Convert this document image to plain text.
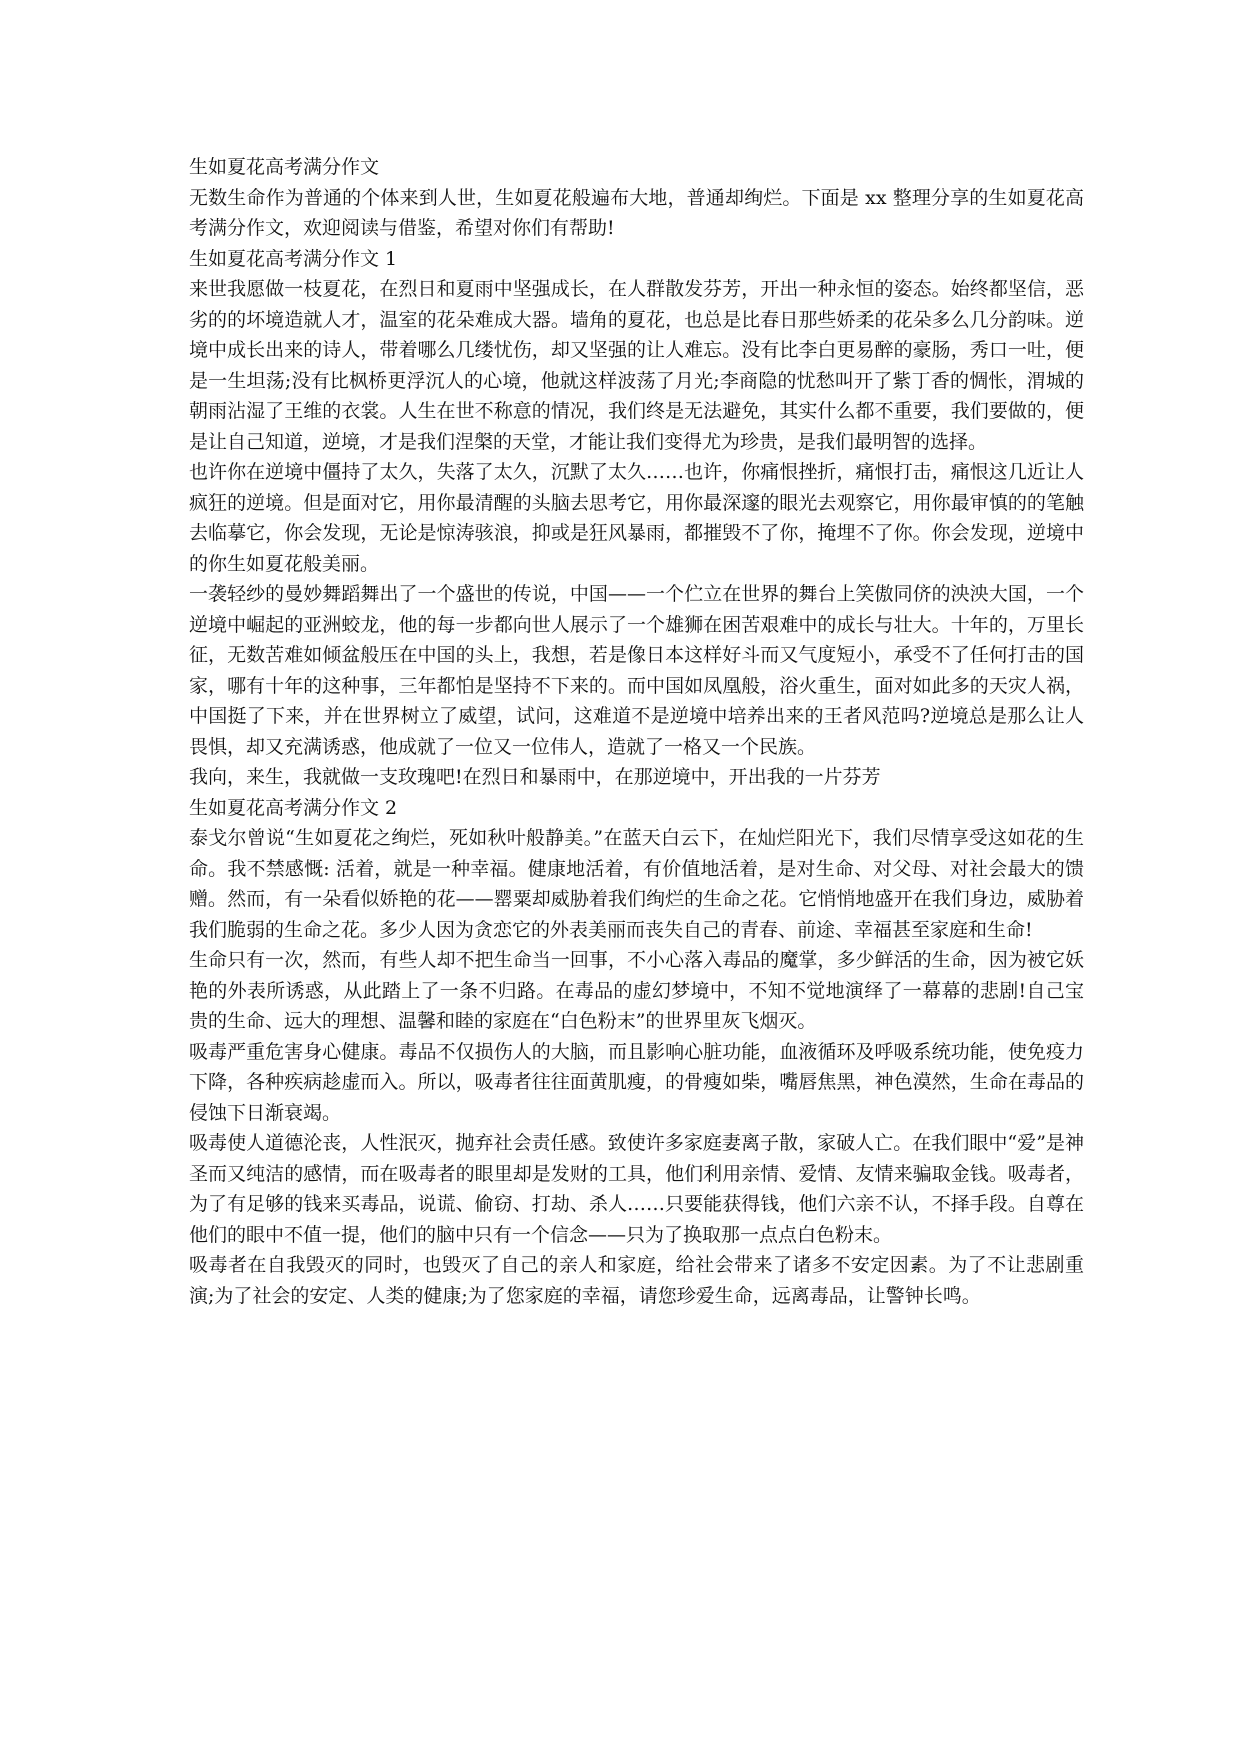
生如夏花高考满分作文

无数生命作为普通的个体来到人世，生如夏花般遍布大地，普通却绚烂。下面是 xx 整理分享的生如夏花高考满分作文，欢迎阅读与借鉴，希望对你们有帮助!

生如夏花高考满分作文 1

来世我愿做一枝夏花，在烈日和夏雨中坚强成长，在人群散发芬芳，开出一种永恒的姿态。始终都坚信，恶劣的的坏境造就人才，温室的花朵难成大器。墙角的夏花，也总是比春日那些娇柔的花朵多么几分韵味。逆境中成长出来的诗人，带着哪么几缕忧伤，却又坚强的让人难忘。没有比李白更易醉的豪肠，秀口一吐，便是一生坦荡;没有比枫桥更浮沉人的心境，他就这样波荡了月光;李商隐的忧愁叫开了紫丁香的惆怅，渭城的朝雨沾湿了王维的衣裳。人生在世不称意的情况，我们终是无法避免，其实什么都不重要，我们要做的，便是让自己知道，逆境，才是我们涅槃的天堂，才能让我们变得尤为珍贵，是我们最明智的选择。

也许你在逆境中僵持了太久，失落了太久，沉默了太久……也许，你痛恨挫折，痛恨打击，痛恨这几近让人疯狂的逆境。但是面对它，用你最清醒的头脑去思考它，用你最深邃的眼光去观察它，用你最审慎的的笔触去临摹它，你会发现，无论是惊涛骇浪，抑或是狂风暴雨，都摧毁不了你，掩埋不了你。你会发现，逆境中的你生如夏花般美丽。

一袭轻纱的曼妙舞蹈舞出了一个盛世的传说，中国——一个伫立在世界的舞台上笑傲同侪的泱泱大国，一个逆境中崛起的亚洲蛟龙，他的每一步都向世人展示了一个雄狮在困苦艰难中的成长与壮大。十年的，万里长征，无数苦难如倾盆般压在中国的头上，我想，若是像日本这样好斗而又气度短小，承受不了任何打击的国家，哪有十年的这种事，三年都怕是坚持不下来的。而中国如凤凰般，浴火重生，面对如此多的天灾人祸，中国挺了下来，并在世界树立了威望，试问，这难道不是逆境中培养出来的王者风范吗?逆境总是那么让人畏惧，却又充满诱惑，他成就了一位又一位伟人，造就了一格又一个民族。

我向，来生，我就做一支玫瑰吧!在烈日和暴雨中，在那逆境中，开出我的一片芬芳

生如夏花高考满分作文 2

泰戈尔曾说“生如夏花之绚烂，死如秋叶般静美。”在蓝天白云下，在灿烂阳光下，我们尽情享受这如花的生命。我不禁感慨: 活着，就是一种幸福。健康地活着，有价值地活着，是对生命、对父母、对社会最大的馈赠。然而，有一朵看似娇艳的花——罂粟却威胁着我们绚烂的生命之花。它悄悄地盛开在我们身边，威胁着我们脆弱的生命之花。多少人因为贪恋它的外表美丽而丧失自己的青春、前途、幸福甚至家庭和生命!

生命只有一次，然而，有些人却不把生命当一回事，不小心落入毒品的魔掌，多少鲜活的生命，因为被它妖艳的外表所诱惑，从此踏上了一条不归路。在毒品的虚幻梦境中，不知不觉地演绎了一幕幕的悲剧!自己宝贵的生命、远大的理想、温馨和睦的家庭在“白色粉末”的世界里灰飞烟灭。

吸毒严重危害身心健康。毒品不仅损伤人的大脑，而且影响心脏功能，血液循环及呼吸系统功能，使免疫力下降，各种疾病趁虚而入。所以，吸毒者往往面黄肌瘦，的骨瘦如柴，嘴唇焦黑，神色漠然，生命在毒品的侵蚀下日渐衰竭。

吸毒使人道德沦丧，人性泯灭，抛弃社会责任感。致使许多家庭妻离子散，家破人亡。在我们眼中“爱”是神圣而又纯洁的感情，而在吸毒者的眼里却是发财的工具，他们利用亲情、爱情、友情来骗取金钱。吸毒者，为了有足够的钱来买毒品，说谎、偷窃、打劫、杀人……只要能获得钱，他们六亲不认，不择手段。自尊在他们的眼中不值一提，他们的脑中只有一个信念——只为了换取那一点点白色粉末。

吸毒者在自我毁灭的同时，也毁灭了自己的亲人和家庭，给社会带来了诸多不安定因素。为了不让悲剧重演;为了社会的安定、人类的健康;为了您家庭的幸福，请您珍爱生命，远离毒品，让警钟长鸣。
